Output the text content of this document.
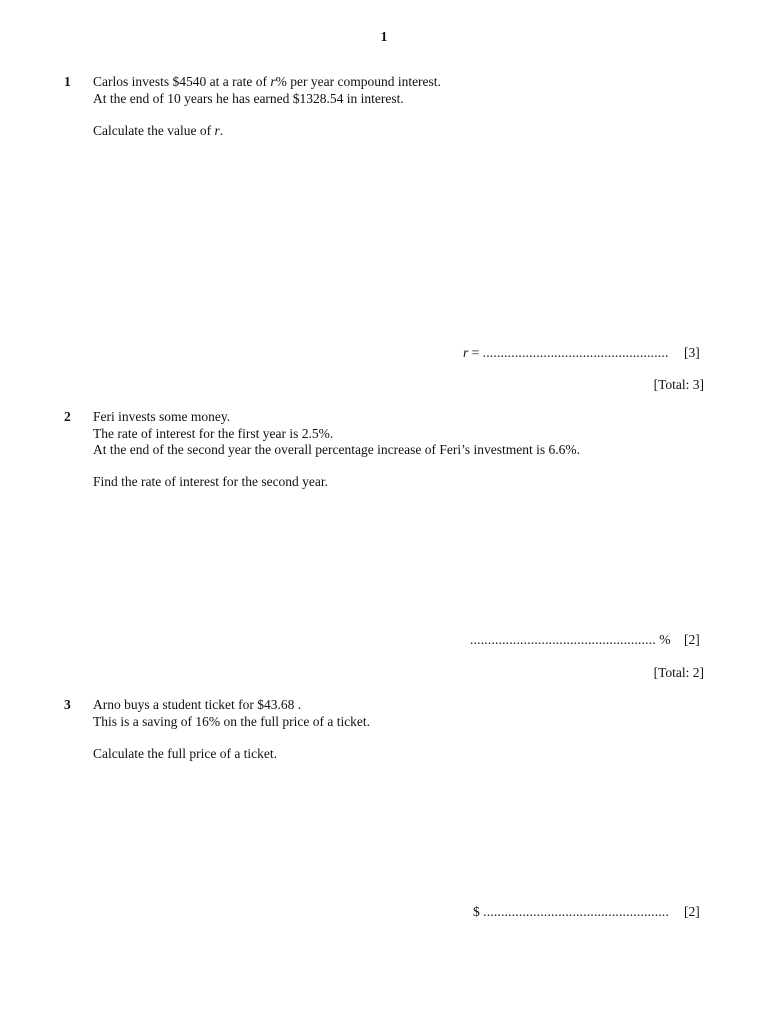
1
1 Carlos invests $4540 at a rate of r% per year compound interest.
At the end of 10 years he has earned $1328.54 in interest.
Calculate the value of r.
r = .................................................... [3]
[Total: 3]
2 Feri invests some money.
The rate of interest for the first year is 2.5%.
At the end of the second year the overall percentage increase of Feri’s investment is 6.6%.
Find the rate of interest for the second year.
.................................................... % [2]
[Total: 2]
3 Arno buys a student ticket for $43.68 .
This is a saving of 16% on the full price of a ticket.
Calculate the full price of a ticket.
$ .................................................... [2]
